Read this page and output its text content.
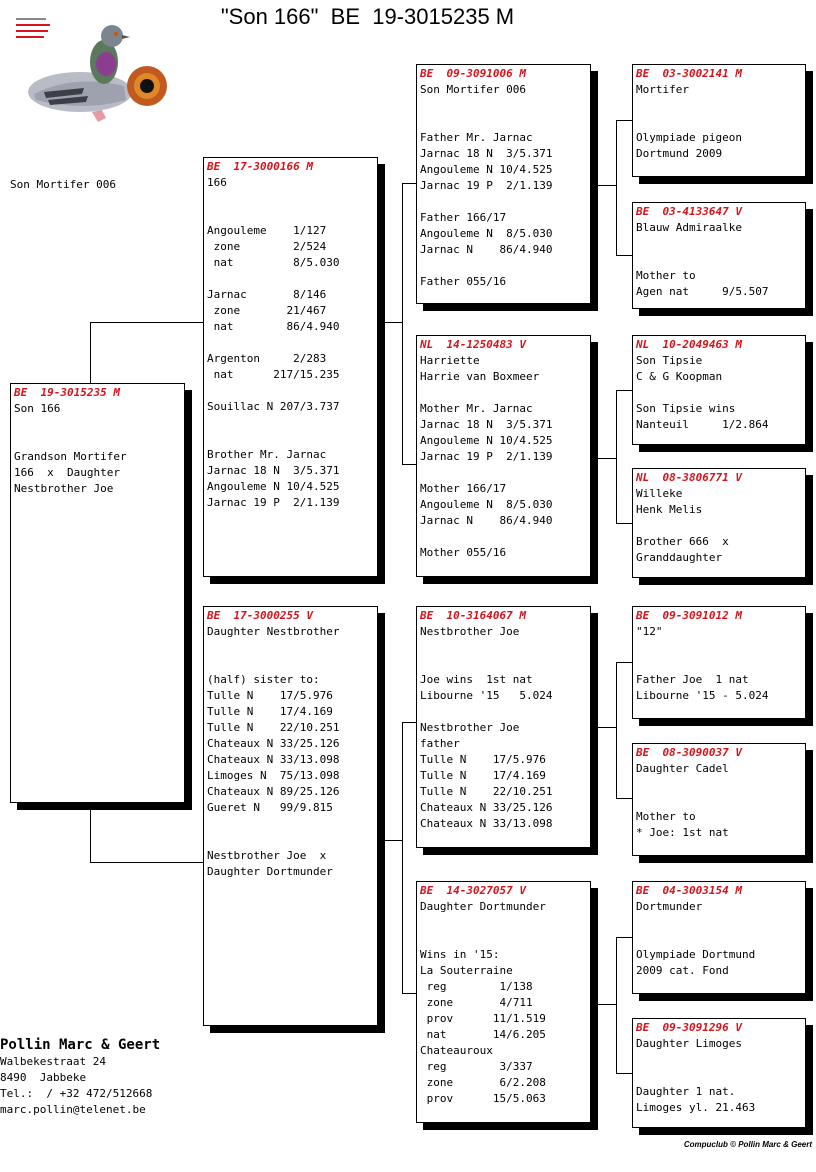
"Son 166"  BE  19-3015235 M
Son Mortifer 006
BE  19-3015235 M
Son 166
Grandson Mortifer
166  x  Daughter
Nestbrother Joe
BE  17-3000166 M
166
Angouleme    1/127
zone        2/524
nat         8/5.030
Jarnac       8/146
zone       21/467
nat        86/4.940
Argenton     2/283
nat      217/15.235
Souillac N 207/3.737
Brother Mr. Jarnac
Jarnac 18 N  3/5.371
Angouleme N 10/4.525
Jarnac 19 P  2/1.139
BE  17-3000255 V
Daughter Nestbrother
(half) sister to:
Tulle N    17/5.976
Tulle N    17/4.169
Tulle N    22/10.251
Chateaux N 33/25.126
Chateaux N 33/13.098
Limoges N  75/13.098
Chateaux N 89/25.126
Gueret N   99/9.815
Nestbrother Joe  x
Daughter Dortmunder
BE  09-3091006 M
Son Mortifer 006
Father Mr. Jarnac
Jarnac 18 N  3/5.371
Angouleme N 10/4.525
Jarnac 19 P  2/1.139
Father 166/17
Angouleme N  8/5.030
Jarnac N    86/4.940
Father 055/16
NL  14-1250483 V
Harriette
Harrie van Boxmeer
Mother Mr. Jarnac
Jarnac 18 N  3/5.371
Angouleme N 10/4.525
Jarnac 19 P  2/1.139
Mother 166/17
Angouleme N  8/5.030
Jarnac N    86/4.940
Mother 055/16
BE  10-3164067 M
Nestbrother Joe
Joe wins  1st nat
Libourne '15   5.024
Nestbrother Joe
father
Tulle N    17/5.976
Tulle N    17/4.169
Tulle N    22/10.251
Chateaux N 33/25.126
Chateaux N 33/13.098
BE  14-3027057 V
Daughter Dortmunder
Wins in '15:
La Souterraine
reg        1/138
zone       4/711
prov      11/1.519
nat       14/6.205
Chateauroux
reg        3/337
zone       6/2.208
prov      15/5.063
BE  03-3002141 M
Mortifer
Olympiade pigeon
Dortmund 2009
BE  03-4133647 V
Blauw Admiraalke
Mother to
Agen nat     9/5.507
NL  10-2049463 M
Son Tipsie
C & G Koopman
Son Tipsie wins
Nanteuil     1/2.864
NL  08-3806771 V
Willeke
Henk Melis
Brother 666  x
Granddaughter
BE  09-3091012 M
"12"
Father Joe  1 nat
Libourne '15 - 5.024
BE  08-3090037 V
Daughter Cadel
Mother to
* Joe: 1st nat
BE  04-3003154 M
Dortmunder
Olympiade Dortmund
2009 cat. Fond
BE  09-3091296 V
Daughter Limoges
Daughter 1 nat.
Limoges yl. 21.463
Pollin Marc & Geert
Walbekestraat 24
8490  Jabbeke
Tel.:  / +32 472/512668
marc.pollin@telenet.be
Compuclub © Pollin Marc & Geert
